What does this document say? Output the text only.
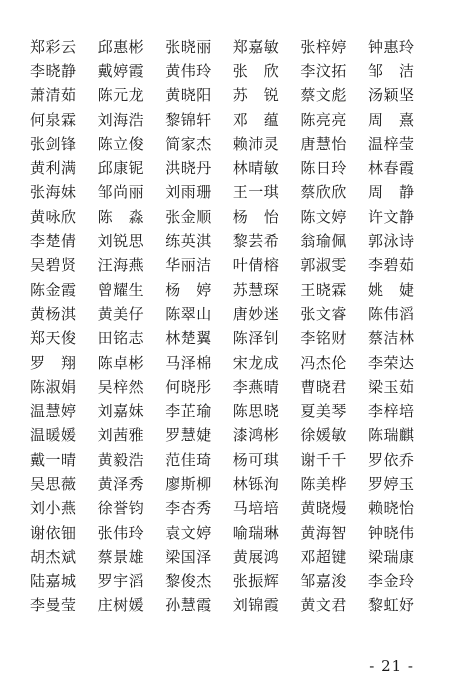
郑彩云	邱惠彬	张晓丽	郑嘉敏	张梓婷	钟惠玲
李晓静	戴婷霞	黄伟玲	张　欣	李汶拓	邹　洁
萧清茹	陈元龙	黄晓阳	苏　锐	蔡文彪	汤颖坚
何泉霖	刘海浩	黎锦轩	邓　蕴	陈亮亮	周　熹
张剑锋	陈立俊	简家杰	赖沛灵	唐慧怡	温梓莹
黄利满	邱康铌	洪晓丹	林晴敏	陈日玲	林春霞
张海妹	邹尚丽	刘雨珊	王一琪	蔡欣欣	周　静
黄咏欣	陈　淼	张金顺	杨　怡	陈文婷	许文静
李楚倩	刘锐思	练英淇	黎芸希	翁瑜佩	郭泳诗
吴碧贤	汪海燕	华丽洁	叶倩榕	郭淑雯	李碧茹
陈金霞	曾耀生	杨　婷	苏慧琛	王晓霖	姚　婕
黄杨淇	黄美仔	陈翠山	唐妙迷	张文睿	陈伟滔
郑天俊	田铭志	林楚翼	陈泽钊	李铭财	蔡洁林
罗　翔	陈卓彬	马泽棉	宋龙成	冯杰伦	李荣达
陈淑娟	吴梓然	何晓彤	李燕晴	曹晓君	梁玉茹
温慧婷	刘嘉妹	李芷瑜	陈思晓	夏美琴	李梓培
温暖媛	刘茜雅	罗慧婕	漆鸿彬	徐媛敏	陈瑞麒
戴一晴	黄毅浩	范佳琦	杨可琪	谢千千	罗依乔
吴思薇	黄泽秀	廖斯柳	林铄洵	陈美桦	罗婷玉
刘小燕	徐誉钧	李杏秀	马培培	黄晓熳	赖晓怡
谢依钿	张伟玲	袁文婷	喻瑞琳	黄海智	钟晓伟
胡杰斌	蔡景雄	梁国泽	黄展鸿	邓超键	梁瑞康
陆嘉城	罗宇滔	黎俊杰	张振辉	邹嘉浚	李金玲
李曼莹	庄树媛	孙慧霞	刘锦霞	黄文君	黎虹妤
- 21 -
